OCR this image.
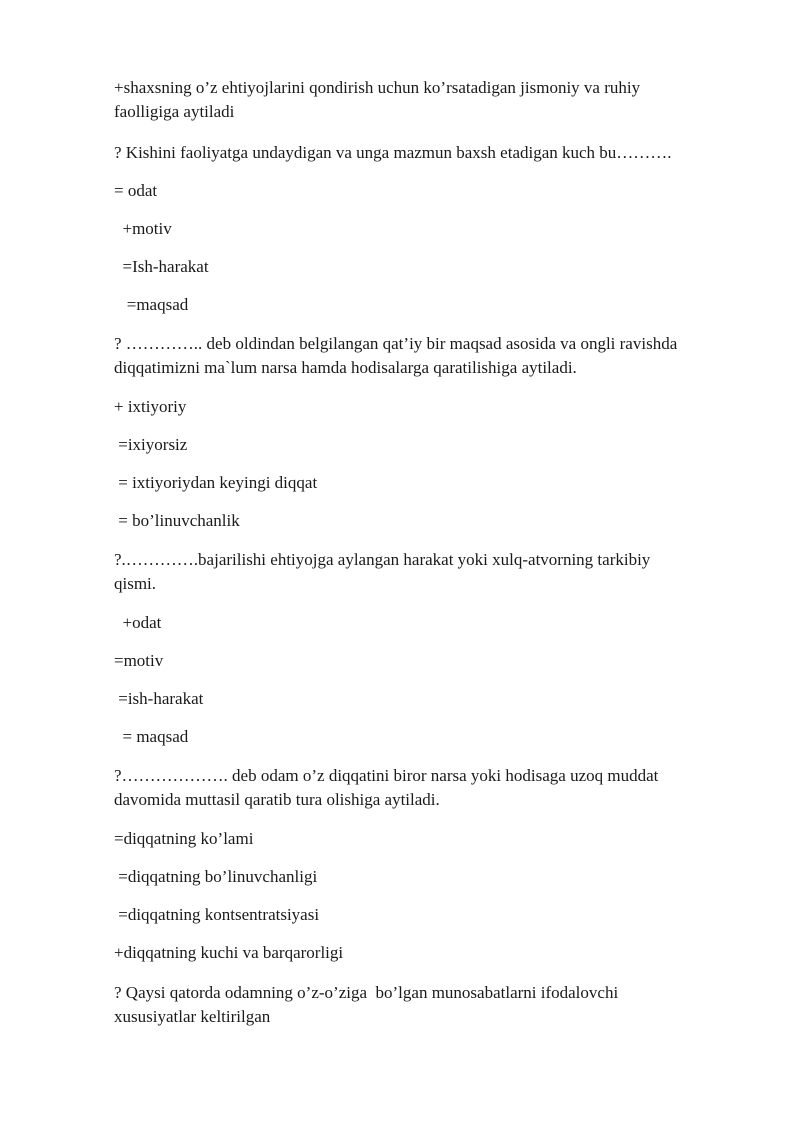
+shaxsning o’z ehtiyojlarini qondirish uchun ko’rsatadigan jismoniy va ruhiy
faolligiga aytiladi
? Kishini faoliyatga undaydigan va unga mazmun baxsh etadigan kuch bu……….
= odat
+motiv
=Ish-harakat
=maqsad
? ………….. deb oldindan belgilangan qat’iy bir maqsad asosida va ongli ravishda
diqqatimizni ma`lum narsa hamda hodisalarga qaratilishiga aytiladi.
+ ixtiyoriy
=ixiyorsiz
= ixtiyoriydan keyingi diqqat
= bo’linuvchanlik
?.………….bajarilishi ehtiyojga aylangan harakat yoki xulq-atvorning tarkibiy
qismi.
+odat
=motiv
=ish-harakat
= maqsad
?………………. deb odam o’z diqqatini biror narsa yoki hodisaga uzoq muddat
davomida muttasil qaratib tura olishiga aytiladi.
=diqqatning ko’lami
=diqqatning bo’linuvchanligi
=diqqatning kontsentratsiyasi
+diqqatning kuchi va barqarorligi
? Qaysi qatorda odamning o’z-o’ziga  bo’lgan munosabatlarni ifodalovchi
xususiyatlar keltirilgan
